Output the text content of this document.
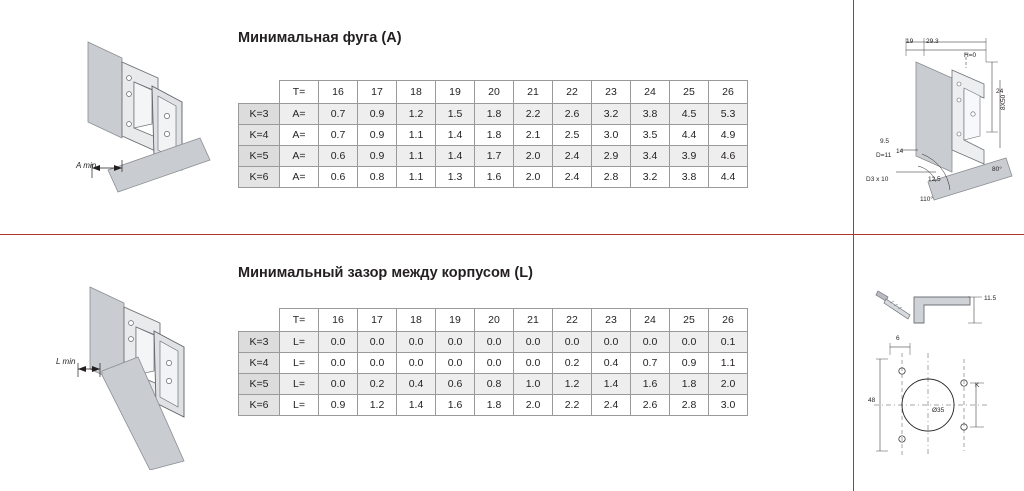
Минимальная фуга (A)
A min
	T=	16	17	18	19	20	21	22	23	24	25	26
K=3	A=	0.7	0.9	1.2	1.5	1.8	2.2	2.6	3.2	3.8	4.5	5.3
K=4	A=	0.7	0.9	1.1	1.4	1.8	2.1	2.5	3.0	3.5	4.4	4.9
K=5	A=	0.6	0.9	1.1	1.4	1.7	2.0	2.4	2.9	3.4	3.9	4.6
K=6	A=	0.6	0.8	1.1	1.3	1.6	2.0	2.4	2.8	3.2	3.8	4.4
19 29.3
H=0
24
8X50
9.5
14
80°
D=11
D3 x 10
110°
12.5
Минимальный зазор между корпусом (L)
L min
	T=	16	17	18	19	20	21	22	23	24	25	26
K=3	L=	0.0	0.0	0.0	0.0	0.0	0.0	0.0	0.0	0.0	0.0	0.1
K=4	L=	0.0	0.0	0.0	0.0	0.0	0.0	0.2	0.4	0.7	0.9	1.1
K=5	L=	0.0	0.2	0.4	0.6	0.8	1.0	1.2	1.4	1.6	1.8	2.0
K=6	L=	0.9	1.2	1.4	1.6	1.8	2.0	2.2	2.4	2.6	2.8	3.0
11.5
6
K
48
Ø35
